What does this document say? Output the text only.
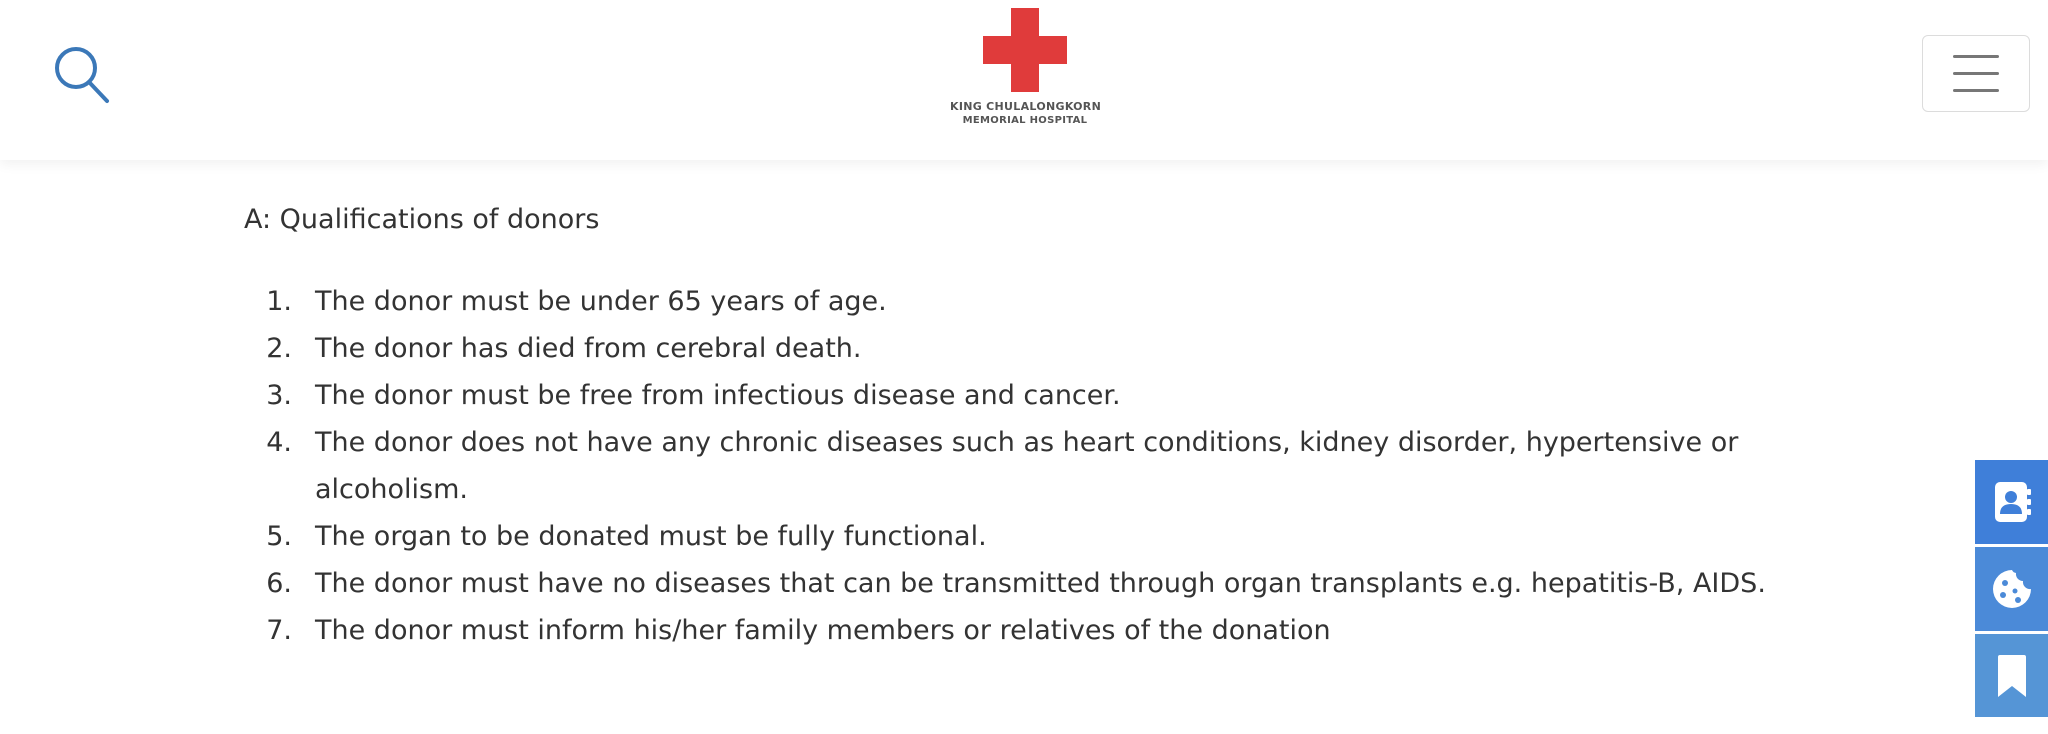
KING CHULALONGKORN
MEMORIAL HOSPITAL
A: Qualifications of donors
1. The donor must be under 65 years of age.
2. The donor has died from cerebral death.
3. The donor must be free from infectious disease and cancer.
4. The donor does not have any chronic diseases such as heart conditions, kidney disorder, hypertensive or alcoholism.
5. The organ to be donated must be fully functional.
6. The donor must have no diseases that can be transmitted through organ transplants e.g. hepatitis-B, AIDS.
7. The donor must inform his/her family members or relatives of the donation
